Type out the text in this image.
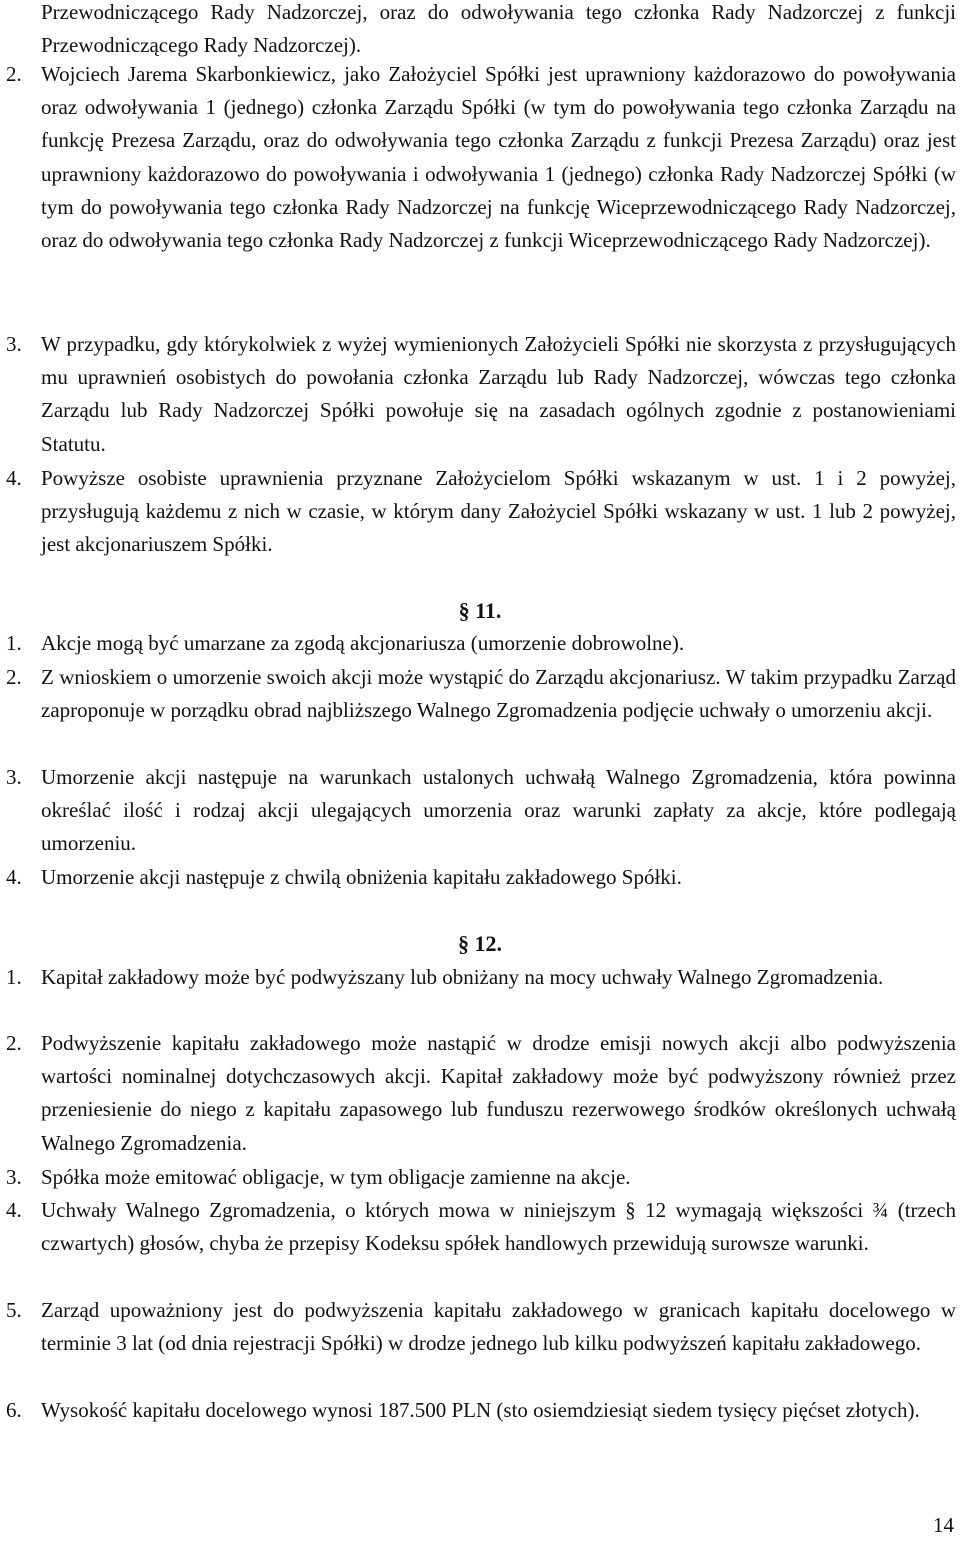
Przewodniczącego Rady Nadzorczej, oraz do odwoływania tego członka Rady Nadzorczej z funkcji Przewodniczącego Rady Nadzorczej).
2. Wojciech Jarema Skarbonkiewicz, jako Założyciel Spółki jest uprawniony każdorazowo do powoływania oraz odwoływania 1 (jednego) członka Zarządu Spółki (w tym do powoływania tego członka Zarządu na funkcję Prezesa Zarządu, oraz do odwoływania tego członka Zarządu z funkcji Prezesa Zarządu) oraz jest uprawniony każdorazowo do powoływania i odwoływania 1 (jednego) członka Rady Nadzorczej Spółki (w tym do powoływania tego członka Rady Nadzorczej na funkcję Wiceprzewodniczącego Rady Nadzorczej, oraz do odwoływania tego członka Rady Nadzorczej z funkcji Wiceprzewodniczącego Rady Nadzorczej).
3. W przypadku, gdy którykolwiek z wyżej wymienionych Założycieli Spółki nie skorzysta z przysługujących mu uprawnień osobistych do powołania członka Zarządu lub Rady Nadzorczej, wówczas tego członka Zarządu lub Rady Nadzorczej Spółki powołuje się na zasadach ogólnych zgodnie z postanowieniami Statutu.
4. Powyższe osobiste uprawnienia przyznane Założycielom Spółki wskazanym w ust. 1 i 2 powyżej, przysługują każdemu z nich w czasie, w którym dany Założyciel Spółki wskazany w ust. 1 lub 2 powyżej, jest akcjonariuszem Spółki.
§ 11.
1. Akcje mogą być umarzane za zgodą akcjonariusza (umorzenie dobrowolne).
2. Z wnioskiem o umorzenie swoich akcji może wystąpić do Zarządu akcjonariusz. W takim przypadku Zarząd zaproponuje w porządku obrad najbliższego Walnego Zgromadzenia podjęcie uchwały o umorzeniu akcji.
3. Umorzenie akcji następuje na warunkach ustalonych uchwałą Walnego Zgromadzenia, która powinna określać ilość i rodzaj akcji ulegających umorzenia oraz warunki zapłaty za akcje, które podlegają umorzeniu.
4. Umorzenie akcji następuje z chwilą obniżenia kapitału zakładowego Spółki.
§ 12.
1. Kapitał zakładowy może być podwyższany lub obniżany na mocy uchwały Walnego Zgromadzenia.
2. Podwyższenie kapitału zakładowego może nastąpić w drodze emisji nowych akcji albo podwyższenia wartości nominalnej dotychczasowych akcji. Kapitał zakładowy może być podwyższony również przez przeniesienie do niego z kapitału zapasowego lub funduszu rezerwowego środków określonych uchwałą Walnego Zgromadzenia.
3. Spółka może emitować obligacje, w tym obligacje zamienne na akcje.
4. Uchwały Walnego Zgromadzenia, o których mowa w niniejszym § 12 wymagają większości ¾ (trzech czwartych) głosów, chyba że przepisy Kodeksu spółek handlowych przewidują surowsze warunki.
5. Zarząd upoważniony jest do podwyższenia kapitału zakładowego w granicach kapitału docelowego w terminie 3 lat (od dnia rejestracji Spółki) w drodze jednego lub kilku podwyższeń kapitału zakładowego.
6. Wysokość kapitału docelowego wynosi 187.500 PLN (sto osiemdziesiąt siedem tysięcy pięćset złotych).
14
